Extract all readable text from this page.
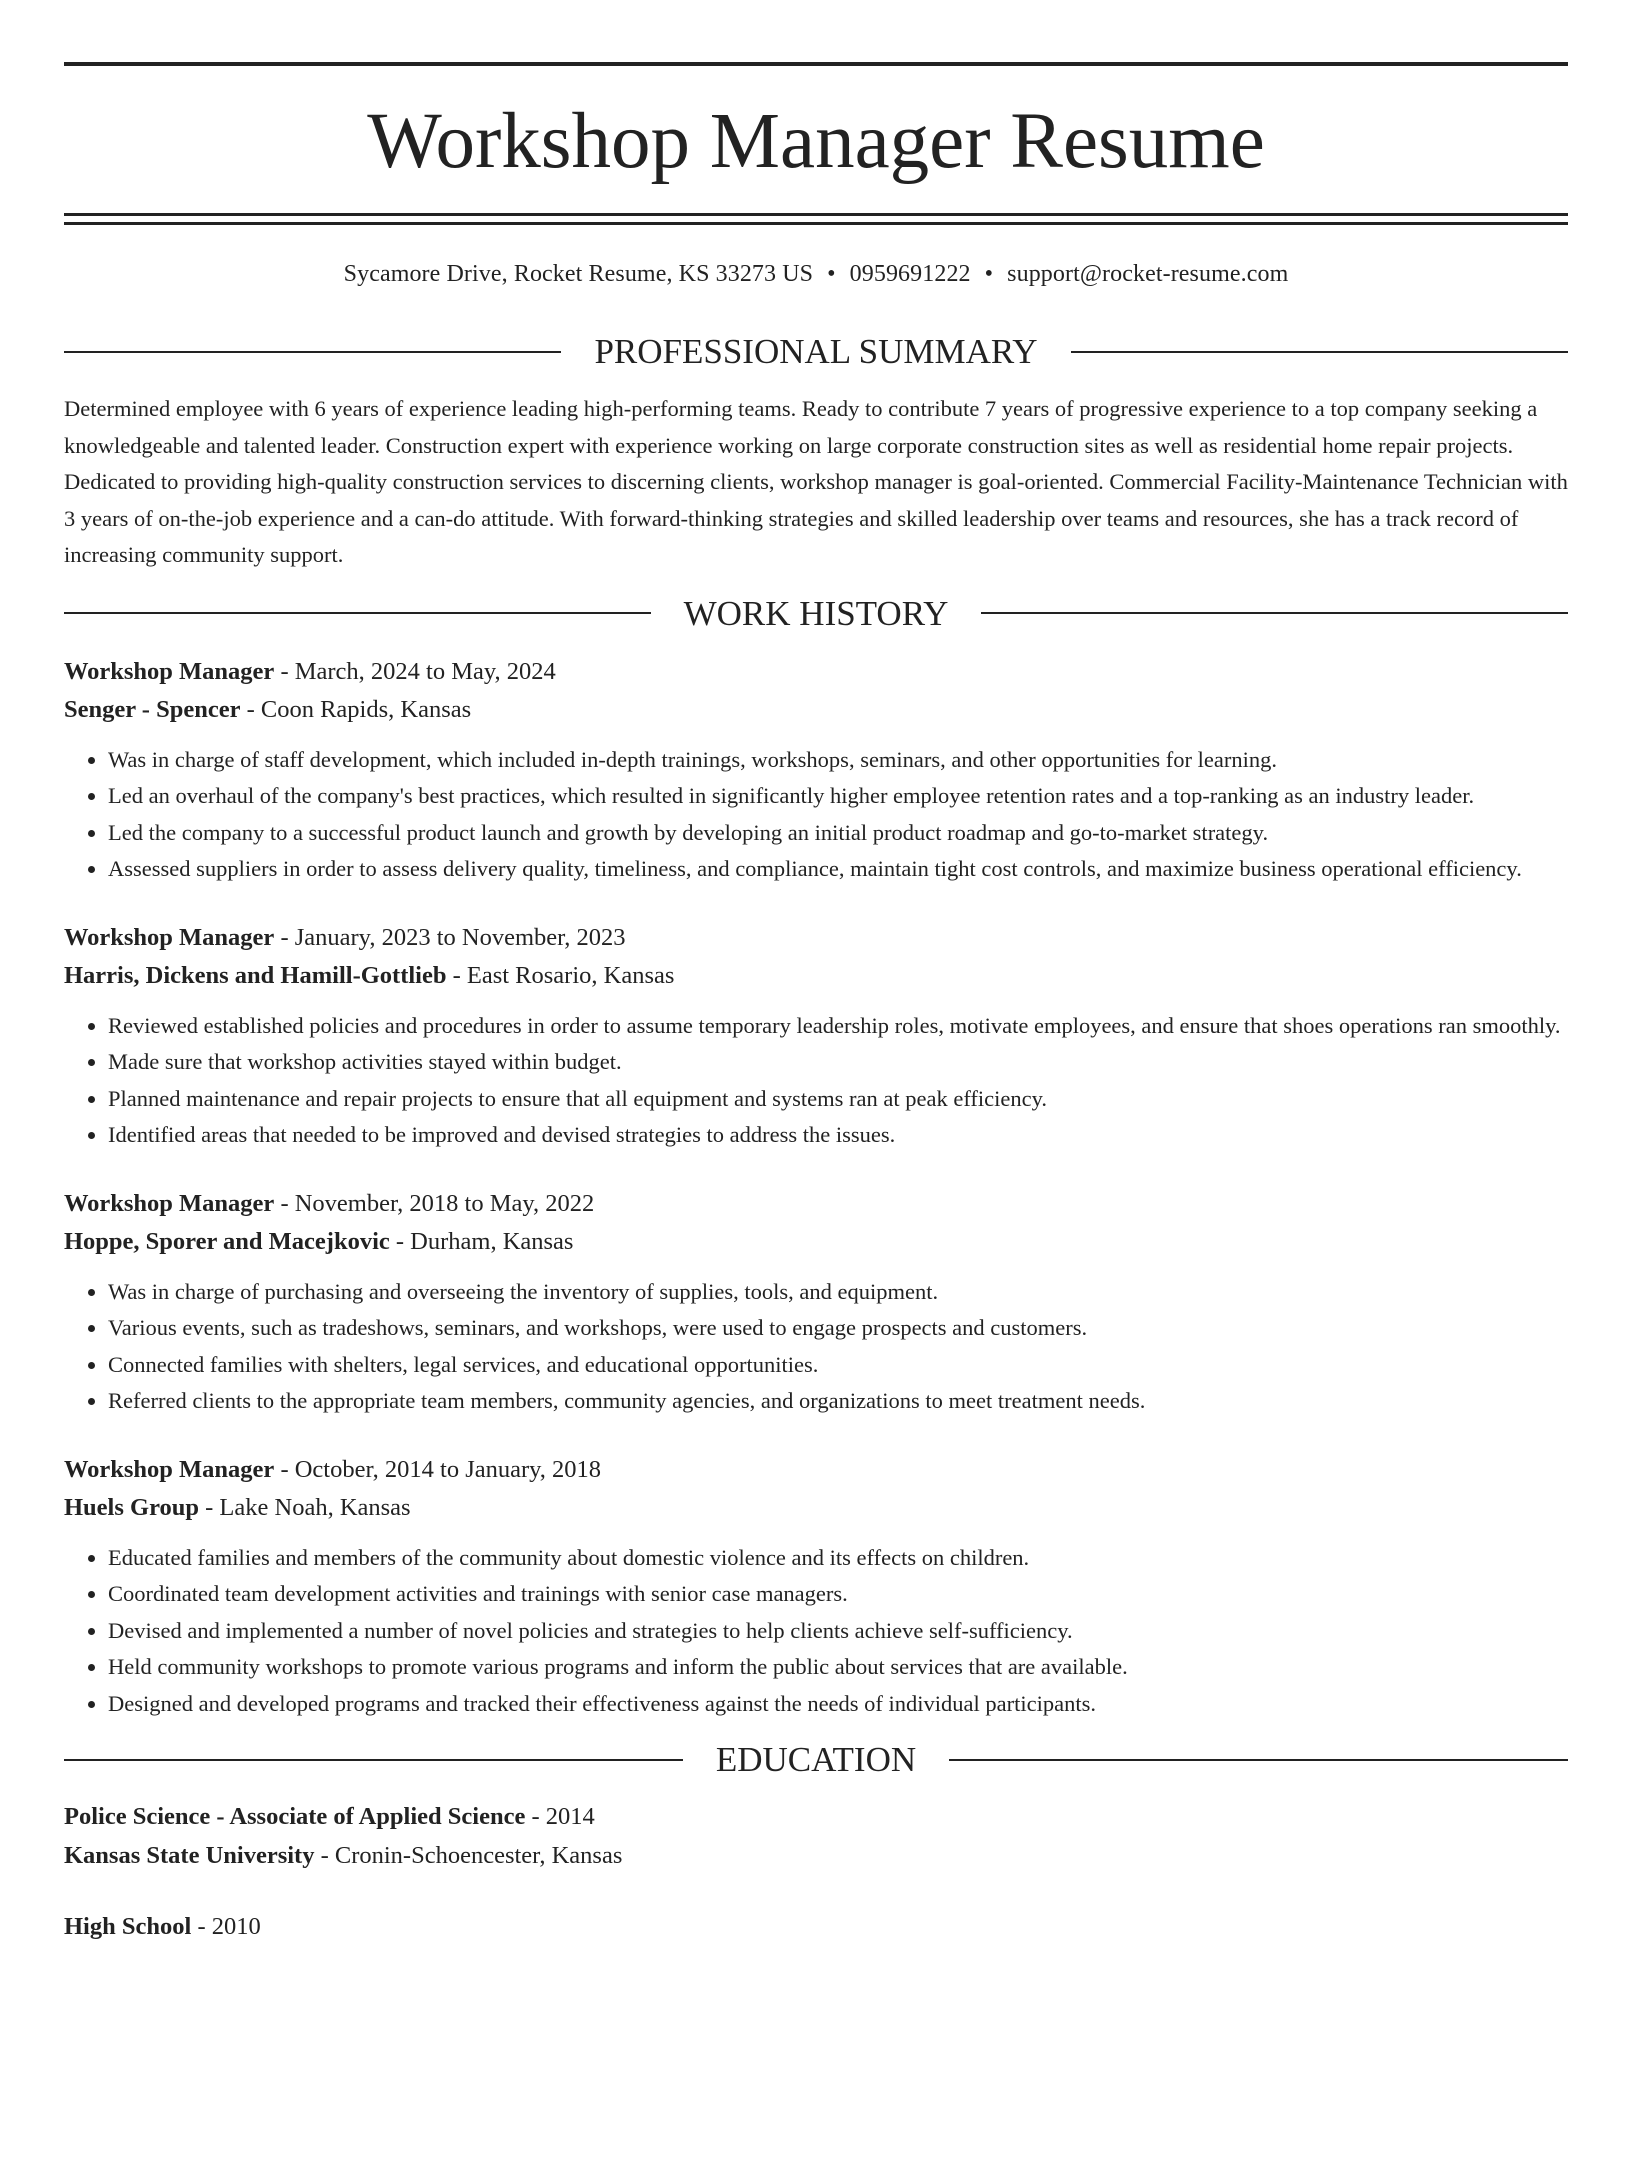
Workshop Manager Resume
Sycamore Drive, Rocket Resume, KS 33273 US • 0959691222 • support@rocket-resume.com
PROFESSIONAL SUMMARY
Determined employee with 6 years of experience leading high-performing teams. Ready to contribute 7 years of progressive experience to a top company seeking a knowledgeable and talented leader. Construction expert with experience working on large corporate construction sites as well as residential home repair projects. Dedicated to providing high-quality construction services to discerning clients, workshop manager is goal-oriented. Commercial Facility-Maintenance Technician with 3 years of on-the-job experience and a can-do attitude. With forward-thinking strategies and skilled leadership over teams and resources, she has a track record of increasing community support.
WORK HISTORY
Workshop Manager - March, 2024 to May, 2024
Senger - Spencer - Coon Rapids, Kansas
• Was in charge of staff development, which included in-depth trainings, workshops, seminars, and other opportunities for learning.
• Led an overhaul of the company's best practices, which resulted in significantly higher employee retention rates and a top-ranking as an industry leader.
• Led the company to a successful product launch and growth by developing an initial product roadmap and go-to-market strategy.
• Assessed suppliers in order to assess delivery quality, timeliness, and compliance, maintain tight cost controls, and maximize business operational efficiency.
Workshop Manager - January, 2023 to November, 2023
Harris, Dickens and Hamill-Gottlieb - East Rosario, Kansas
• Reviewed established policies and procedures in order to assume temporary leadership roles, motivate employees, and ensure that shoes operations ran smoothly.
• Made sure that workshop activities stayed within budget.
• Planned maintenance and repair projects to ensure that all equipment and systems ran at peak efficiency.
• Identified areas that needed to be improved and devised strategies to address the issues.
Workshop Manager - November, 2018 to May, 2022
Hoppe, Sporer and Macejkovic - Durham, Kansas
• Was in charge of purchasing and overseeing the inventory of supplies, tools, and equipment.
• Various events, such as tradeshows, seminars, and workshops, were used to engage prospects and customers.
• Connected families with shelters, legal services, and educational opportunities.
• Referred clients to the appropriate team members, community agencies, and organizations to meet treatment needs.
Workshop Manager - October, 2014 to January, 2018
Huels Group - Lake Noah, Kansas
• Educated families and members of the community about domestic violence and its effects on children.
• Coordinated team development activities and trainings with senior case managers.
• Devised and implemented a number of novel policies and strategies to help clients achieve self-sufficiency.
• Held community workshops to promote various programs and inform the public about services that are available.
• Designed and developed programs and tracked their effectiveness against the needs of individual participants.
EDUCATION
Police Science - Associate of Applied Science - 2014
Kansas State University - Cronin-Schoencester, Kansas
High School - 2010
